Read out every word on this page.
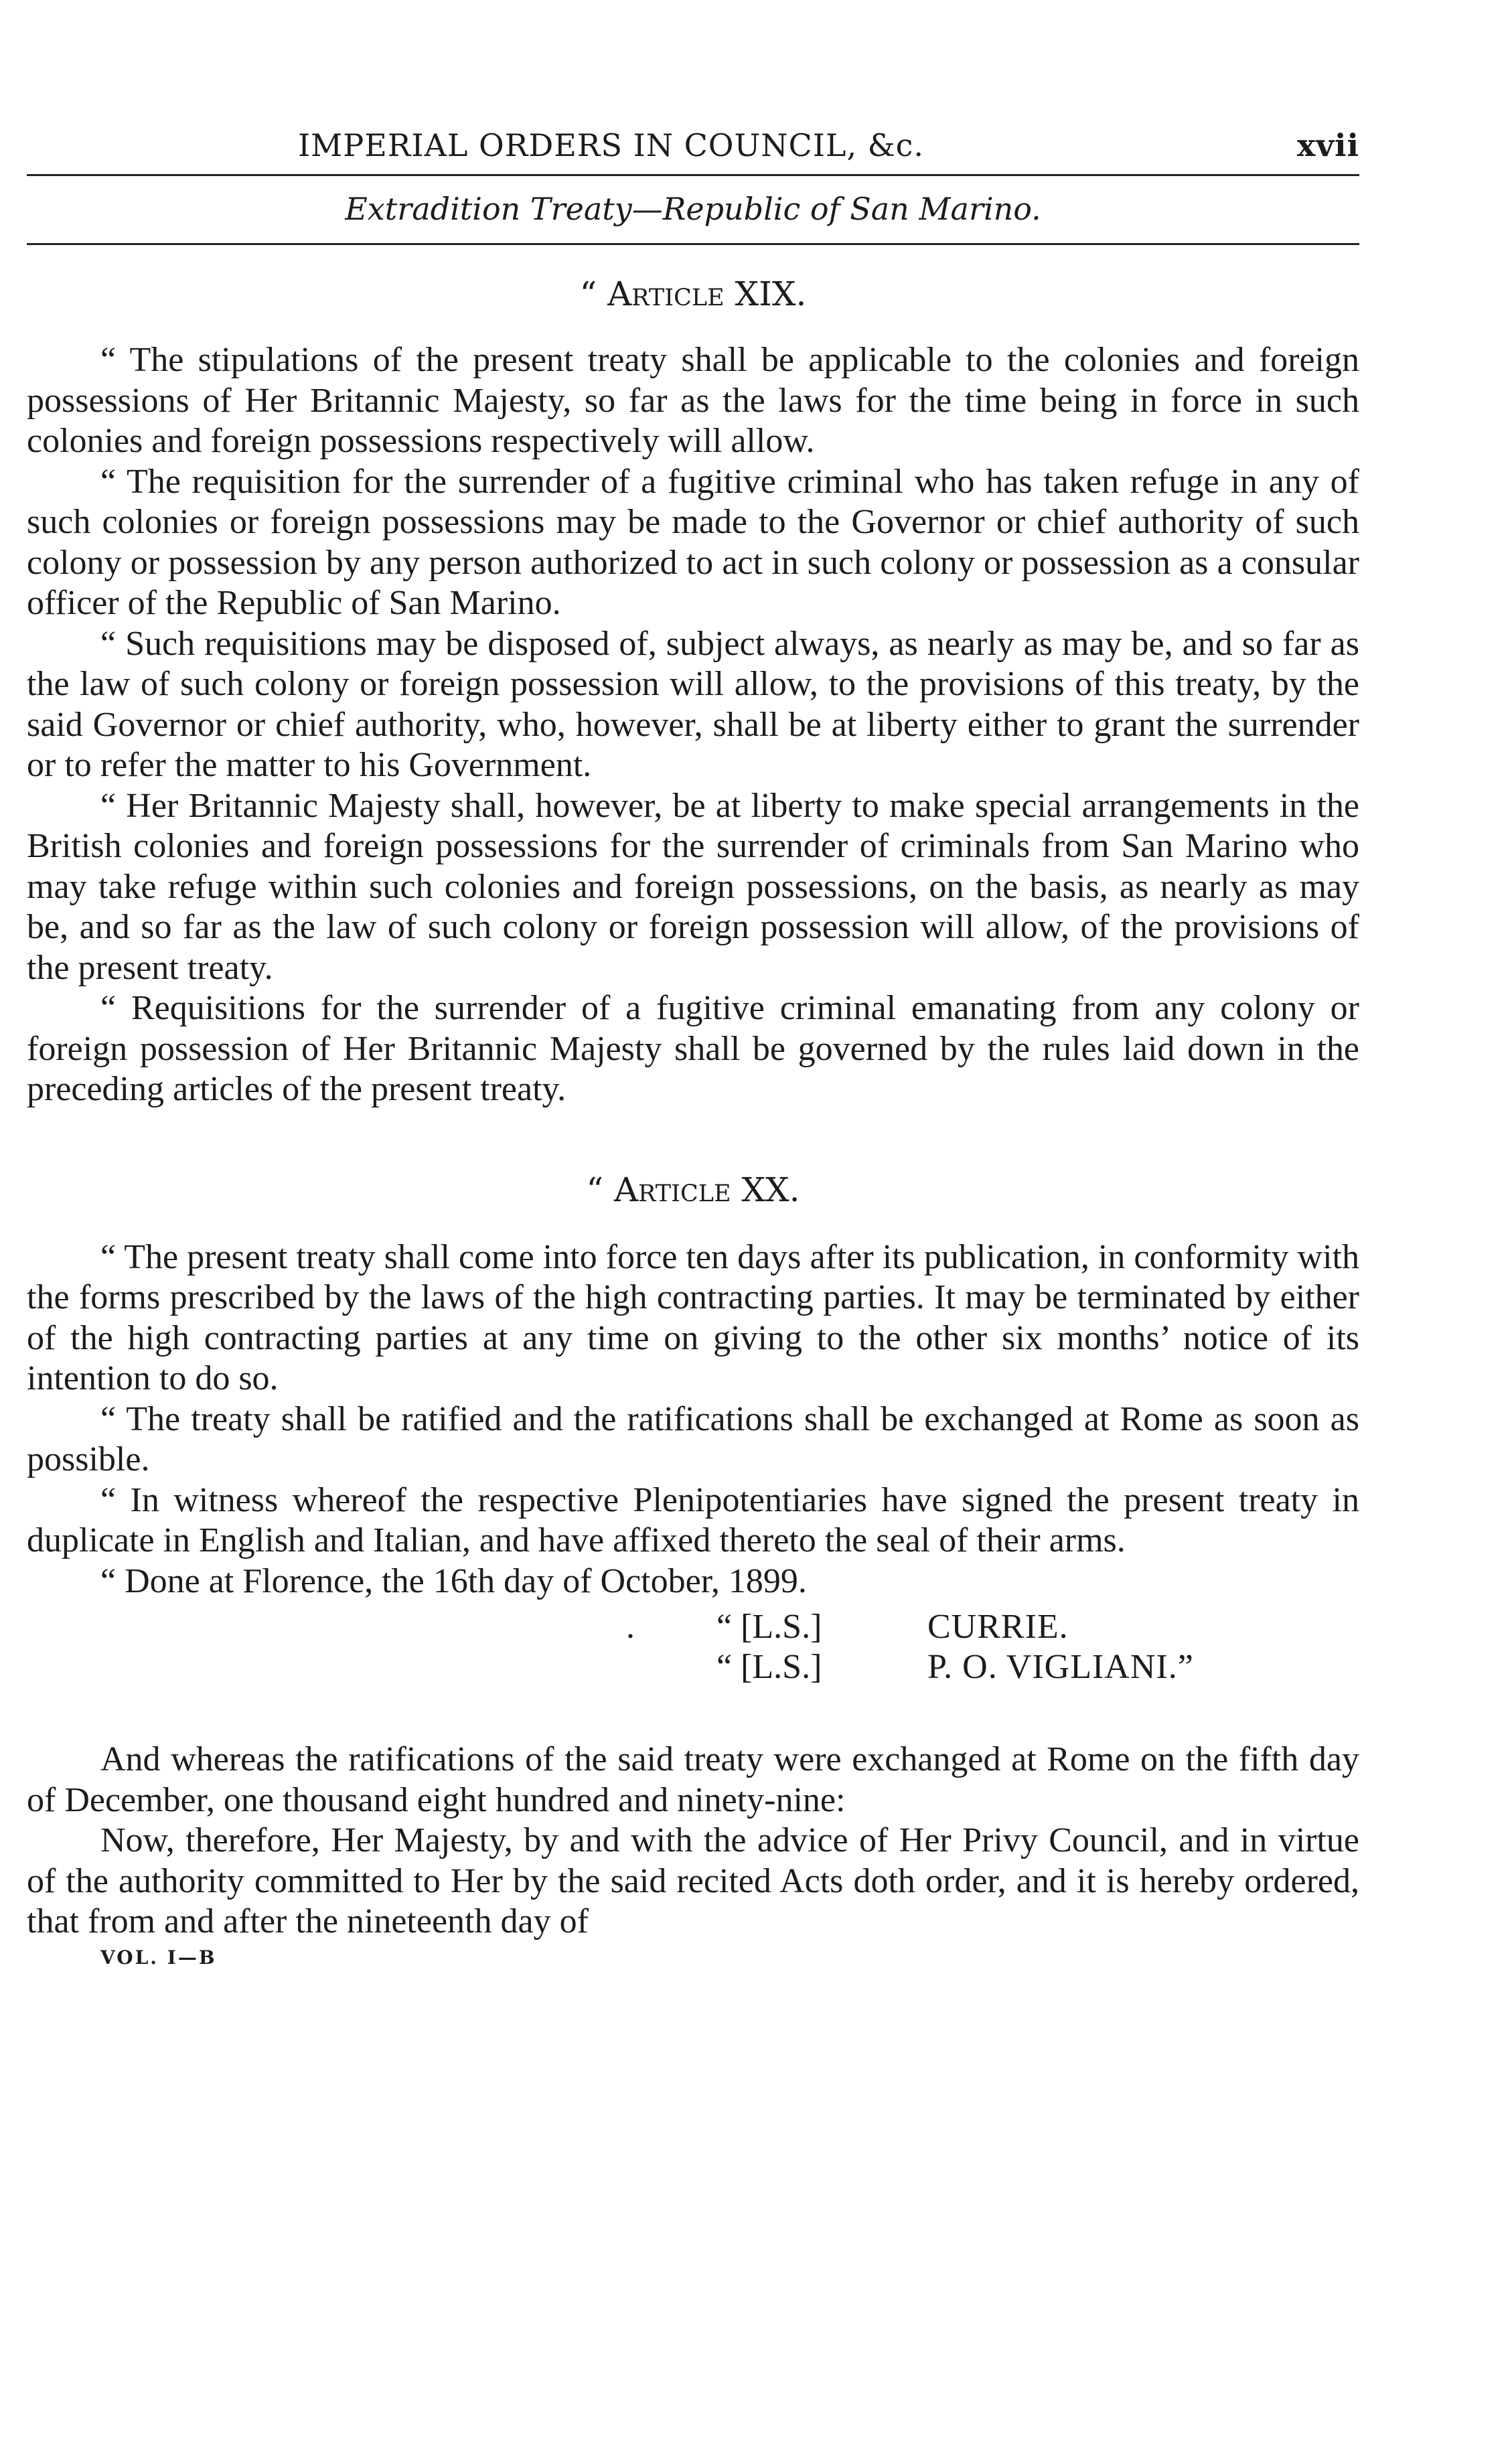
IMPERIAL ORDERS IN COUNCIL, &c.	xvii
Extradition Treaty—Republic of San Marino.
“ Article XIX.

“ The stipulations of the present treaty shall be applicable to the colonies and foreign possessions of Her Britannic Majesty, so far as the laws for the time being in force in such colonies and foreign possessions respectively will allow.

“ The requisition for the surrender of a fugitive criminal who has taken refuge in any of such colonies or foreign possessions may be made to the Governor or chief authority of such colony or possession by any person authorized to act in such colony or possession as a consular officer of the Republic of San Marino.

“ Such requisitions may be disposed of, subject always, as nearly as may be, and so far as the law of such colony or foreign possession will allow, to the provisions of this treaty, by the said Governor or chief authority, who, however, shall be at liberty either to grant the surrender or to refer the matter to his Government.

“ Her Britannic Majesty shall, however, be at liberty to make special arrangements in the British colonies and foreign possessions for the surrender of criminals from San Marino who may take refuge within such colonies and foreign possessions, on the basis, as nearly as may be, and so far as the law of such colony or foreign possession will allow, of the provisions of the present treaty.

“ Requisitions for the surrender of a fugitive criminal emanating from any colony or foreign possession of Her Britannic Majesty shall be governed by the rules laid down in the preceding articles of the present treaty.

“ Article XX.

“ The present treaty shall come into force ten days after its publication, in conformity with the forms prescribed by the laws of the high contracting parties. It may be terminated by either of the high contracting parties at any time on giving to the other six months’ notice of its intention to do so.

“ The treaty shall be ratified and the ratifications shall be exchanged at Rome as soon as possible.

“ In witness whereof the respective Plenipotentiaries have signed the present treaty in duplicate in English and Italian, and have affixed thereto the seal of their arms.

“ Done at Florence, the 16th day of October, 1899.

. “ [L.S.]	CURRIE.
“ [L.S.]	P. O. VIGLIANI.”

And whereas the ratifications of the said treaty were exchanged at Rome on the fifth day of December, one thousand eight hundred and ninety-nine:

Now, therefore, Her Majesty, by and with the advice of Her Privy Council, and in virtue of the authority committed to Her by the said recited Acts doth order, and it is hereby ordered, that from and after the nineteenth day of

VOL. I—B
